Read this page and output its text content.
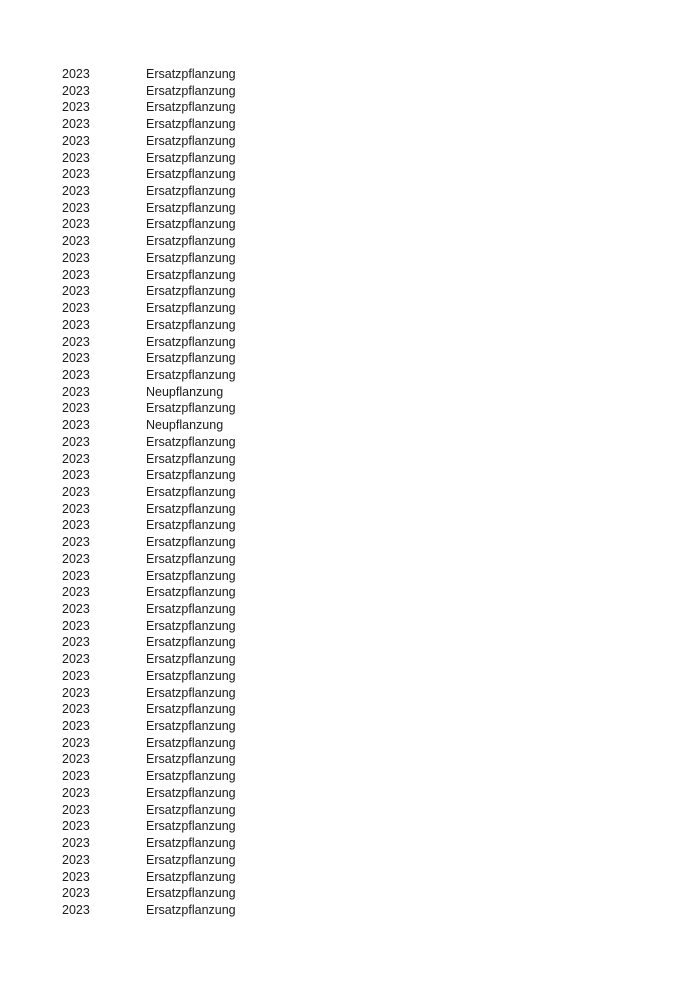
2023	Ersatzpflanzung
2023	Ersatzpflanzung
2023	Ersatzpflanzung
2023	Ersatzpflanzung
2023	Ersatzpflanzung
2023	Ersatzpflanzung
2023	Ersatzpflanzung
2023	Ersatzpflanzung
2023	Ersatzpflanzung
2023	Ersatzpflanzung
2023	Ersatzpflanzung
2023	Ersatzpflanzung
2023	Ersatzpflanzung
2023	Ersatzpflanzung
2023	Ersatzpflanzung
2023	Ersatzpflanzung
2023	Ersatzpflanzung
2023	Ersatzpflanzung
2023	Ersatzpflanzung
2023	Neupflanzung
2023	Ersatzpflanzung
2023	Neupflanzung
2023	Ersatzpflanzung
2023	Ersatzpflanzung
2023	Ersatzpflanzung
2023	Ersatzpflanzung
2023	Ersatzpflanzung
2023	Ersatzpflanzung
2023	Ersatzpflanzung
2023	Ersatzpflanzung
2023	Ersatzpflanzung
2023	Ersatzpflanzung
2023	Ersatzpflanzung
2023	Ersatzpflanzung
2023	Ersatzpflanzung
2023	Ersatzpflanzung
2023	Ersatzpflanzung
2023	Ersatzpflanzung
2023	Ersatzpflanzung
2023	Ersatzpflanzung
2023	Ersatzpflanzung
2023	Ersatzpflanzung
2023	Ersatzpflanzung
2023	Ersatzpflanzung
2023	Ersatzpflanzung
2023	Ersatzpflanzung
2023	Ersatzpflanzung
2023	Ersatzpflanzung
2023	Ersatzpflanzung
2023	Ersatzpflanzung
2023	Ersatzpflanzung
